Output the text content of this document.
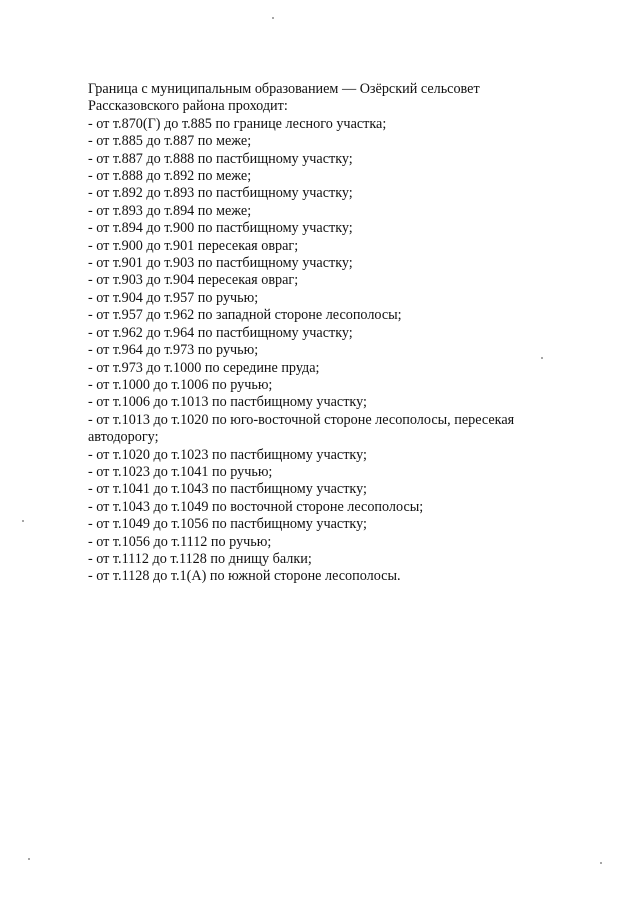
Граница с муниципальным образованием — Озёрский сельсовет
Рассказовского района проходит:
- от т.870(Г) до т.885 по границе лесного участка;
- от т.885 до т.887 по меже;
- от т.887 до т.888 по пастбищному участку;
- от т.888 до т.892 по меже;
- от т.892 до т.893 по пастбищному участку;
- от т.893 до т.894 по меже;
- от т.894 до т.900 по пастбищному участку;
- от т.900 до т.901 пересекая овраг;
- от т.901 до т.903 по пастбищному участку;
- от т.903 до т.904 пересекая овраг;
- от т.904 до т.957 по ручью;
- от т.957 до т.962 по западной стороне лесополосы;
- от т.962 до т.964 по пастбищному участку;
- от т.964 до т.973 по ручью;
- от т.973 до т.1000 по середине пруда;
- от т.1000 до т.1006 по ручью;
- от т.1006 до т.1013 по пастбищному участку;
- от т.1013 до т.1020 по юго-восточной стороне лесополосы, пересекая
автодорогу;
- от т.1020 до т.1023 по пастбищному участку;
- от т.1023 до т.1041 по ручью;
- от т.1041 до т.1043 по пастбищному участку;
- от т.1043 до т.1049 по восточной стороне лесополосы;
- от т.1049 до т.1056 по пастбищному участку;
- от т.1056 до т.1112 по ручью;
- от т.1112 до т.1128 по днищу балки;
- от т.1128 до т.1(А) по южной стороне лесополосы.
